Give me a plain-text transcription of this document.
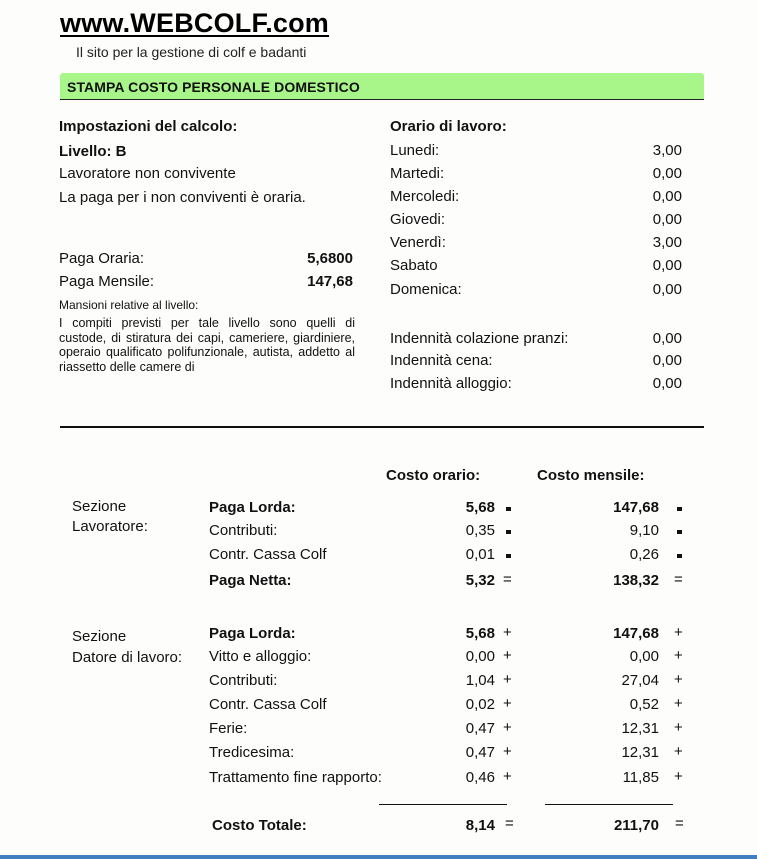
www.WEBCOLF.com
Il sito per la gestione di colf e badanti
STAMPA COSTO PERSONALE DOMESTICO
Impostazioni del calcolo:
Livello: B
Lavoratore non convivente
La paga per i non conviventi è oraria.
Paga Oraria:	5,6800
Paga Mensile:	147,68
Mansioni relative al livello:
I compiti previsti per tale livello sono quelli di custode, di stiratura dei capi, cameriere, giardiniere, operaio qualificato polifunzionale, autista, addetto al riassetto delle camere di
Orario di lavoro:
Lunedi:	3,00
Martedi:	0,00
Mercoledi:	0,00
Giovedi:	0,00
Venerdì:	3,00
Sabato	0,00
Domenica:	0,00
Indennità colazione pranzi:	0,00
Indennità cena:	0,00
Indennità alloggio:	0,00
Costo orario:	Costo mensile:
Sezione
Lavoratore:
Paga Lorda:	5,68	147,68
Contributi:	0,35	9,10
Contr. Cassa Colf	0,01	0,26
Paga Netta:	5,32	138,32
=	=
Sezione
Datore di lavoro:
Paga Lorda:	5,68	147,68
+	+
Vitto e alloggio:	0,00	0,00
+	+
Contributi:	1,04	27,04
+	+
Contr. Cassa Colf	0,02	0,52
+	+
Ferie:	0,47	12,31
+	+
Tredicesima:	0,47	12,31
+	+
Trattamento fine rapporto:	0,46	11,85
+	+
Costo Totale:	8,14 =	211,70 =
